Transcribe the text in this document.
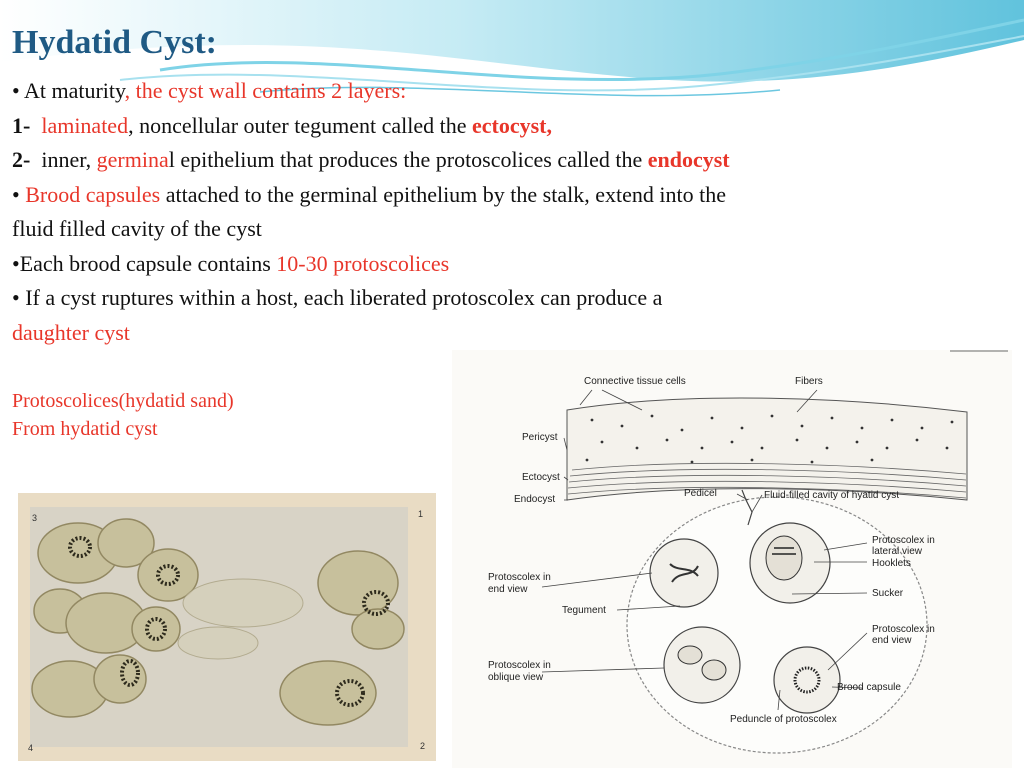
Hydatid Cyst:
• At maturity, the cyst wall contains 2 layers:
1- laminated, noncellular outer tegument called the ectocyst,
2- inner, germinal epithelium that produces the protoscolices called the endocyst
• Brood capsules attached to the germinal epithelium by the stalk, extend into the
fluid filled cavity of the cyst
•Each brood capsule contains 10-30 protoscolices
• If a cyst ruptures within a host, each liberated protoscolex can produce a
daughter cyst
Protoscolices(hydatid sand)
From hydatid cyst
3	1
4	2
Connective tissue cells	Fibers
Pericyst
Ectocyst
Endocyst
Pedicel	Fluid-filled cavity of hyatid cyst
Protoscolex in
lateral view
Hooklets
Protoscolex in
end view	Sucker
Tegument
Protoscolex in
end view
Protoscolex in
oblique view
Brood capsule
Peduncle of protoscolex
